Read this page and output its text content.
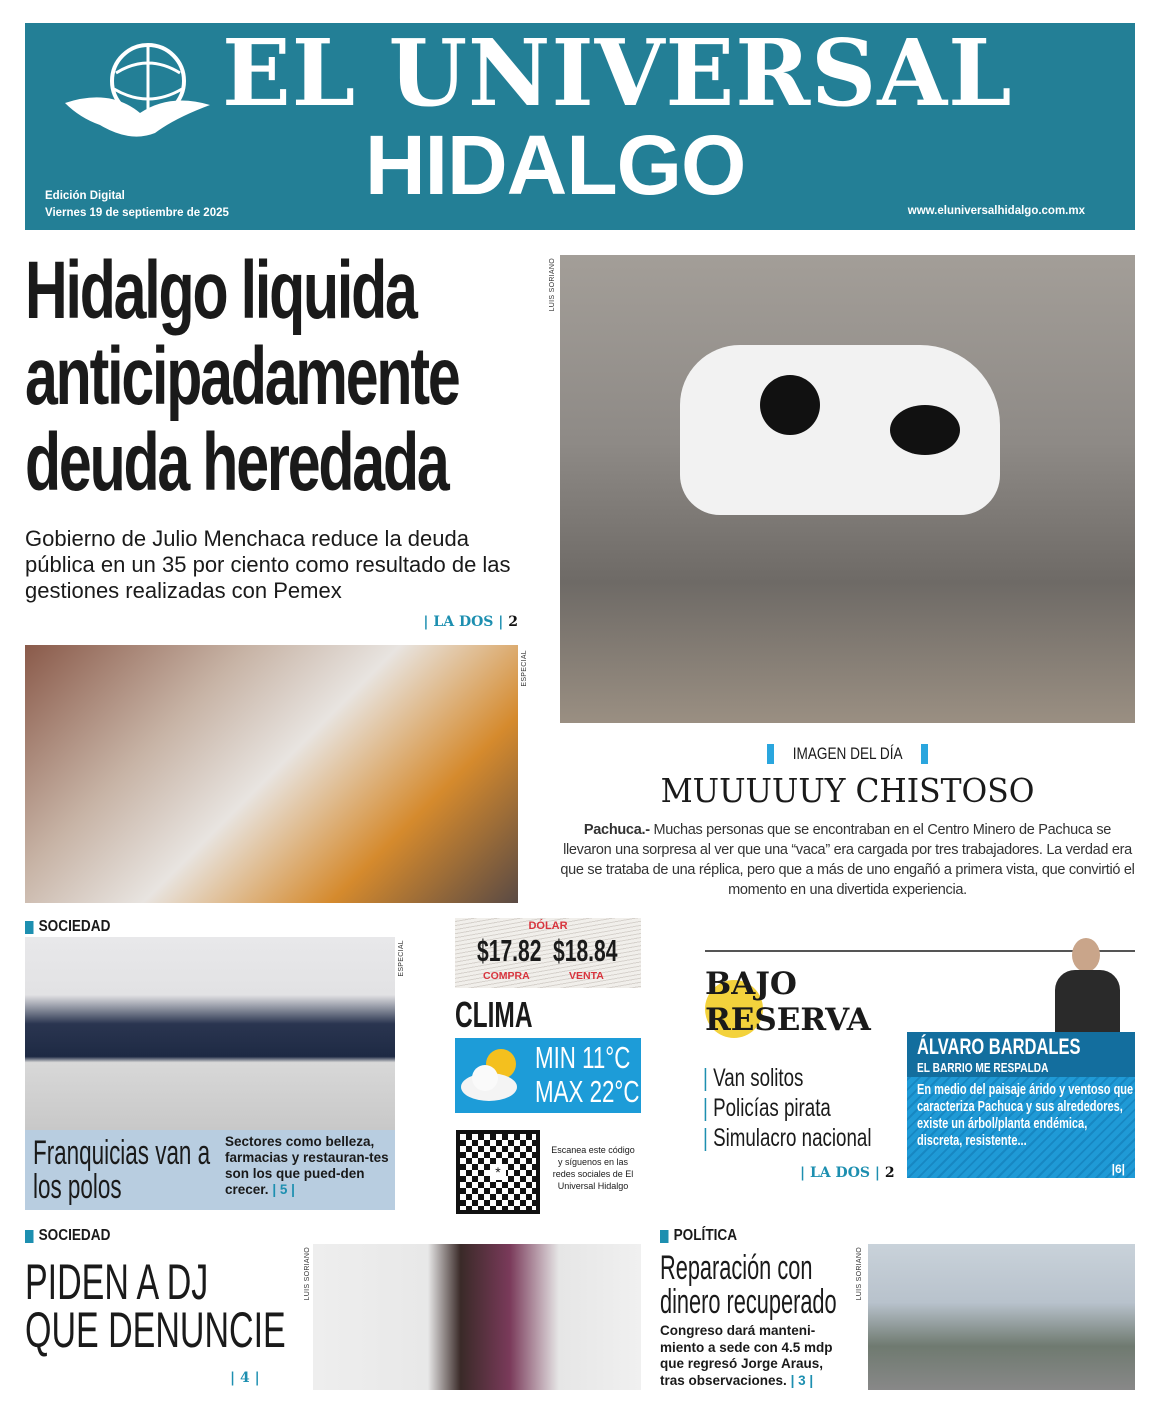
EL UNIVERSAL
HIDALGO
Edición Digital
Viernes 19 de septiembre de 2025	www.eluniversalhidalgo.com.mx
Hidalgo liquida
anticipadamente
deuda heredada
Gobierno de Julio Menchaca reduce la deuda pública en un 35 por ciento como resultado de las gestiones realizadas con Pemex
| LA DOS | 2
ESPECIAL
LUIS SORIANO
IMAGEN DEL DÍA
MUUUUUY CHISTOSO
Pachuca.- Muchas personas que se encontraban en el Centro Minero de Pachuca se llevaron una sorpresa al ver que una “vaca” era cargada por tres trabajadores. La verdad era que se trataba de una réplica, pero que a más de uno engañó a primera vista, que convirtió el momento en una divertida experiencia.
SOCIEDAD
ESPECIAL
Franquicias van a los polos
Sectores como belleza, farmacias y restauran-tes son los que pued-den crecer. | 5 |
DÓLAR
$17.82 $18.84
COMPRA	VENTA
CLIMA
MIN 11°C
MAX 22°C
*
Escanea este código y síguenos en las redes sociales de El Universal Hidalgo
BAJO
RESERVA
| Van solitos
| Policías pirata
| Simulacro nacional
| LA DOS | 2
ÁLVARO BARDALES
EL BARRIO ME RESPALDA
En medio del paisaje árido y ventoso que caracteriza Pachuca y sus alrededores, existe un árbol/planta endémica, discreta, resistente...
|6|
SOCIEDAD
PIDEN A DJ
QUE DENUNCIE
| 4 |
LUIS SORIANO
POLÍTICA
Reparación con dinero recuperado
Congreso dará manteni-miento a sede con 4.5 mdp que regresó Jorge Araus, tras observaciones. | 3 |
LUIS SORIANO
